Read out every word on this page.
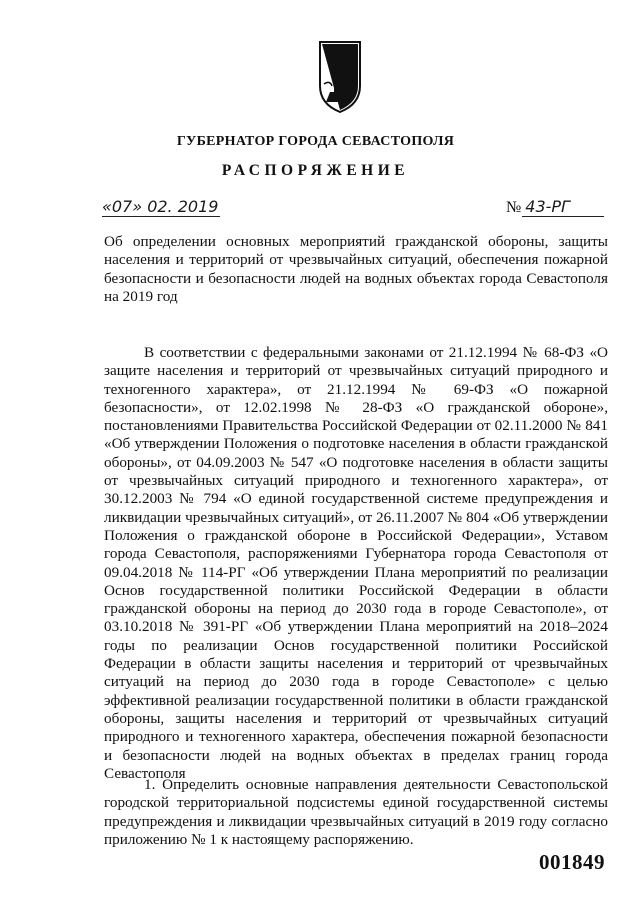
ГУБЕРНАТОР ГОРОДА СЕВАСТОПОЛЯ
РАСПОРЯЖЕНИЕ
«07» 02. 2019	№ 43-РГ
Об определении основных мероприятий гражданской обороны, защиты населения и территорий от чрезвычайных ситуаций, обеспечения пожарной безопасности и безопасности людей на водных объектах города Севастополя на 2019 год
В соответствии с федеральными законами от 21.12.1994 № 68-ФЗ «О защите населения и территорий от чрезвычайных ситуаций природного и техногенного характера», от 21.12.1994 № 69-ФЗ «О пожарной безопасности», от 12.02.1998 № 28-ФЗ «О гражданской обороне», постановлениями Правительства Российской Федерации от 02.11.2000 № 841 «Об утверждении Положения о подготовке населения в области гражданской обороны», от 04.09.2003 № 547 «О подготовке населения в области защиты от чрезвычайных ситуаций природного и техногенного характера», от 30.12.2003 № 794 «О единой государственной системе предупреждения и ликвидации чрезвычайных ситуаций», от 26.11.2007 № 804 «Об утверждении Положения о гражданской обороне в Российской Федерации», Уставом города Севастополя, распоряжениями Губернатора города Севастополя от 09.04.2018 № 114-РГ «Об утверждении Плана мероприятий по реализации Основ государственной политики Российской Федерации в области гражданской обороны на период до 2030 года в городе Севастополе», от 03.10.2018 № 391-РГ «Об утверждении Плана мероприятий на 2018–2024 годы по реализации Основ государственной политики Российской Федерации в области защиты населения и территорий от чрезвычайных ситуаций на период до 2030 года в городе Севастополе» с целью эффективной реализации государственной политики в области гражданской обороны, защиты населения и территорий от чрезвычайных ситуаций природного и техногенного характера, обеспечения пожарной безопасности и безопасности людей на водных объектах в пределах границ города Севастополя
1. Определить основные направления деятельности Севастопольской городской территориальной подсистемы единой государственной системы предупреждения и ликвидации чрезвычайных ситуаций в 2019 году согласно приложению № 1 к настоящему распоряжению.
001849
